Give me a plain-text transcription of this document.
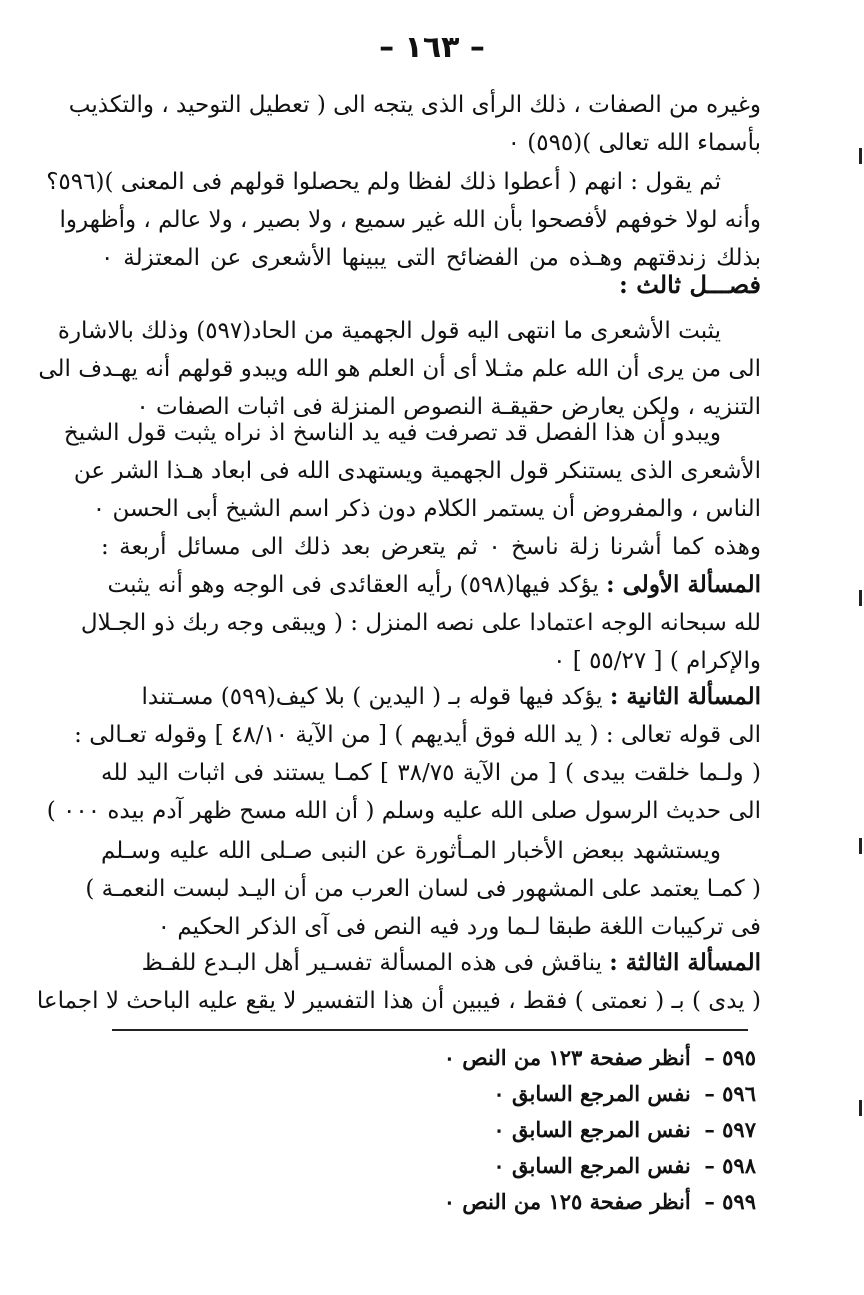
– ١٦٣ –
وغيره من الصفات ، ذلك الرأى الذى يتجه الى ( تعطيل التوحيد ، والتكذيب
بأسماء الله تعالى )(٥٩٥) ٠
ثم يقول : انهم ( أعطوا ذلك لفظا ولم يحصلوا قولهم فى المعنى )(٥٩٦؟
وأنه لولا خوفهم لأفصحوا بأن الله غير سميع ، ولا بصير ، ولا عالم ، وأظهروا
بذلك زندقتهم وهـذه من الفضائح التى يبينها الأشعرى عن المعتزلة ٠
فصـــل ثالث :
يثبت الأشعرى ما انتهى اليه قول الجهمية من الحاد(٥٩٧) وذلك بالاشارة
الى من يرى أن الله علم مثـلا أى أن العلم هو الله ويبدو قولهم أنه يهـدف الى
التنزيه ، ولكن يعارض حقيقـة النصوص المنزلة فى اثبات الصفات ٠
ويبدو أن هذا الفصل قد تصرفت فيه يد الناسخ اذ نراه يثبت قول الشيخ
الأشعرى الذى يستنكر قول الجهمية ويستهدى الله فى ابعاد هـذا الشر عن
الناس ، والمفروض أن يستمر الكلام دون ذكر اسم الشيخ أبى الحسن ٠
وهذه كما أشرنا زلة ناسخ ٠ ثم يتعرض بعد ذلك الى مسائل أربعة :
المسألة الأولى : يؤكد فيها(٥٩٨) رأيه العقائدى فى الوجه وهو أنه يثبت
لله سبحانه الوجه اعتمادا على نصه المنزل : ( ويبقى وجه ربك ذو الجـلال
والإكرام ) [ ٥٥/٢٧ ] ٠
المسألة الثانية : يؤكد فيها قوله بـ ( اليدين ) بلا كيف(٥٩٩) مسـتندا
الى قوله تعالى : ( يد الله فوق أيديهم ) [ من الآية ٤٨/١٠ ] وقوله تعـالى :
( ولـما خلقت بيدى ) [ من الآية ٣٨/٧٥ ] كمـا يستند فى اثبات اليد لله
الى حديث الرسول صلى الله عليه وسلم ( أن الله مسح ظهر آدم بيده ٠٠٠ )
ويستشهد ببعض الأخبار المـأثورة عن النبى صـلى الله عليه وسـلم
( كمـا يعتمد على المشهور فى لسان العرب من أن اليـد لبست النعمـة )
فى تركيبات اللغة طبقا لـما ورد فيه النص فى آى الذكر الحكيم ٠
المسألة الثالثة : يناقش فى هذه المسألة تفسـير أهل البـدع للفـظ
( يدى ) بـ ( نعمتى ) فقط ، فيبين أن هذا التفسير لا يقع عليه الباحث لا اجماعا
٥٩٥ – أنظر صفحة ١٢٣ من النص ٠
٥٩٦ – نفس المرجع السابق ٠
٥٩٧ – نفس المرجع السابق ٠
٥٩٨ – نفس المرجع السابق ٠
٥٩٩ – أنظر صفحة ١٢٥ من النص ٠
